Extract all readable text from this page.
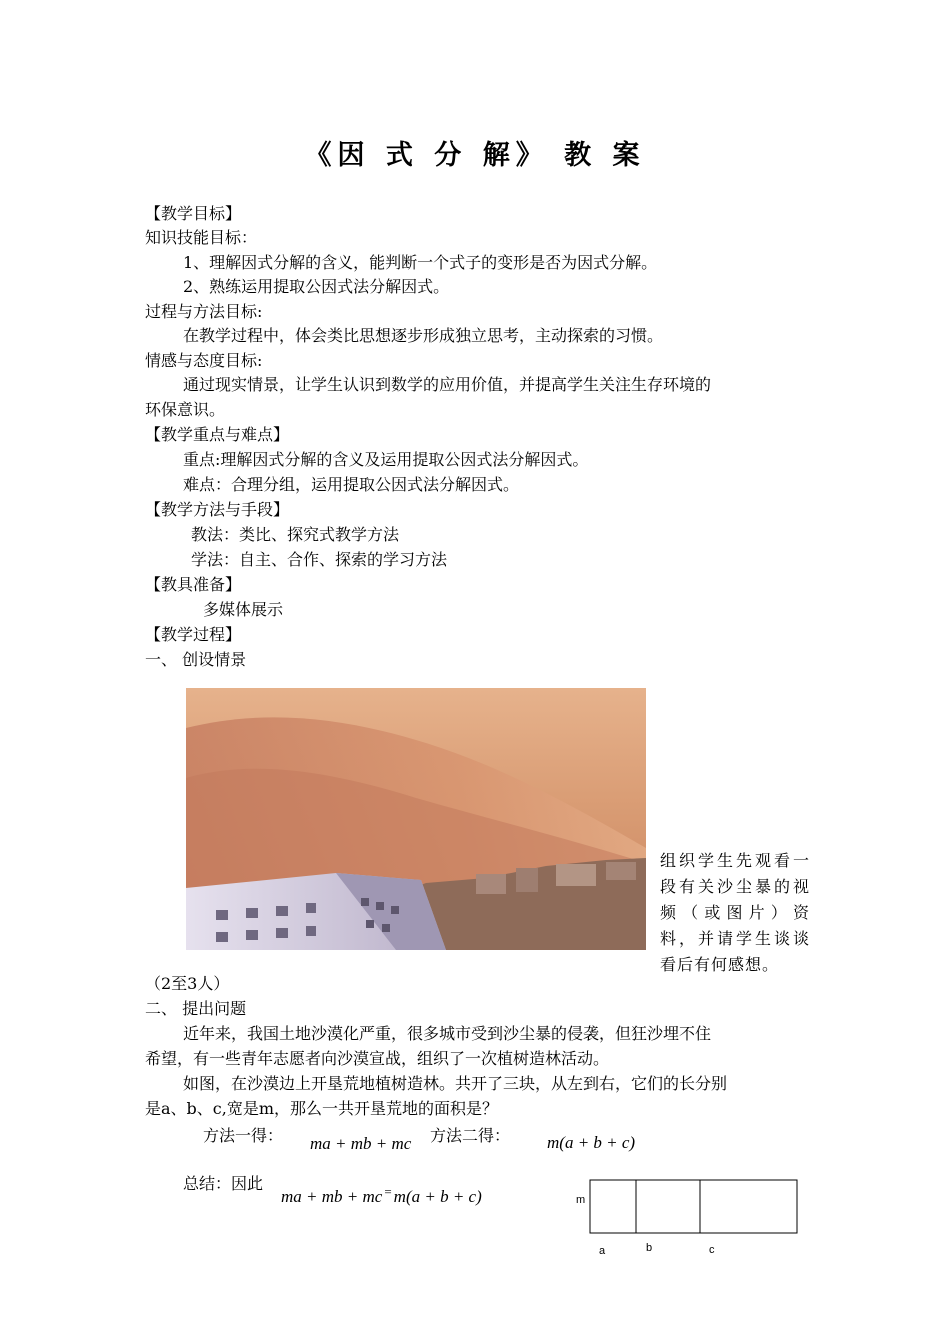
《因 式 分 解》 教 案
【教学目标】
知识技能目标：
1、理解因式分解的含义，能判断一个式子的变形是否为因式分解。
2、熟练运用提取公因式法分解因式。
过程与方法目标:
在教学过程中，体会类比思想逐步形成独立思考，主动探索的习惯。
情感与态度目标:
通过现实情景，让学生认识到数学的应用价值，并提高学生关注生存环境的
环保意识。
【教学重点与难点】
重点:理解因式分解的含义及运用提取公因式法分解因式。
难点：合理分组，运用提取公因式法分解因式。
【教学方法与手段】
教法：类比、探究式教学方法
学法：自主、合作、探索的学习方法
【教具准备】
多媒体展示
【教学过程】
一、 创设情景
组织学生先观看一段有关沙尘暴的视频（或图片）资料，并请学生谈谈看后有何感想。
（2至3人）
二、 提出问题
近年来，我国土地沙漠化严重，很多城市受到沙尘暴的侵袭，但狂沙埋不住
希望，有一些青年志愿者向沙漠宣战，组织了一次植树造林活动。
如图，在沙漠边上开垦荒地植树造林。共开了三块，从左到右，它们的长分别
是a、b、c,宽是m，那么一共开垦荒地的面积是？
方法一得： ma + mb + mc 方法二得： m(a + b + c)
总结：因此
ma + mb + mc = m(a + b + c)	m
a	b	c
